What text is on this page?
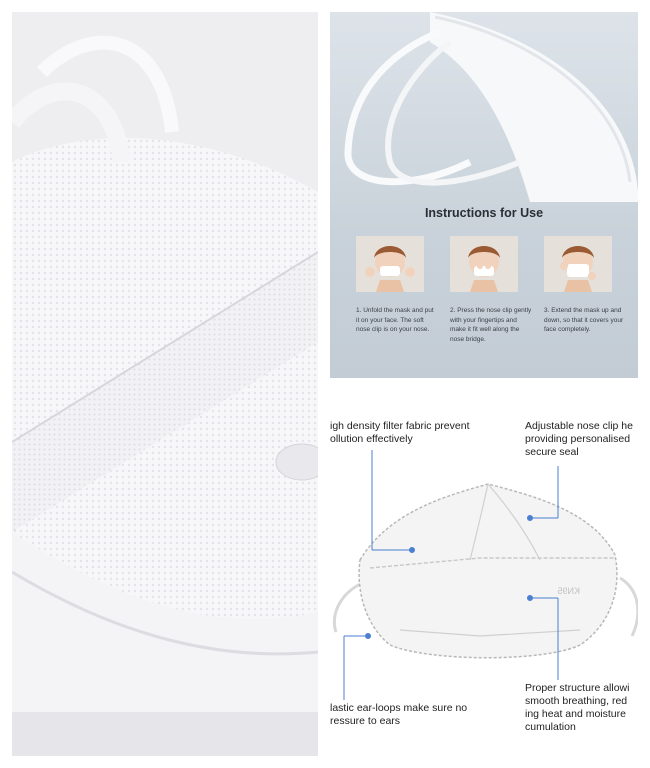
Instructions for Use
1. Unfold the mask and put it on your face. The soft nose clip is on your nose.
2. Press the nose clip gently with your fingertips and make it fit well along the nose bridge.
3. Extend the mask up and down, so that it covers your face completely.
KN95
igh density filter fabric prevent
ollution effectively
Adjustable nose clip he
providing personalised
secure seal
lastic ear-loops make sure no
ressure to ears
Proper structure allowi
smooth breathing, red
ing heat and moisture
cumulation
